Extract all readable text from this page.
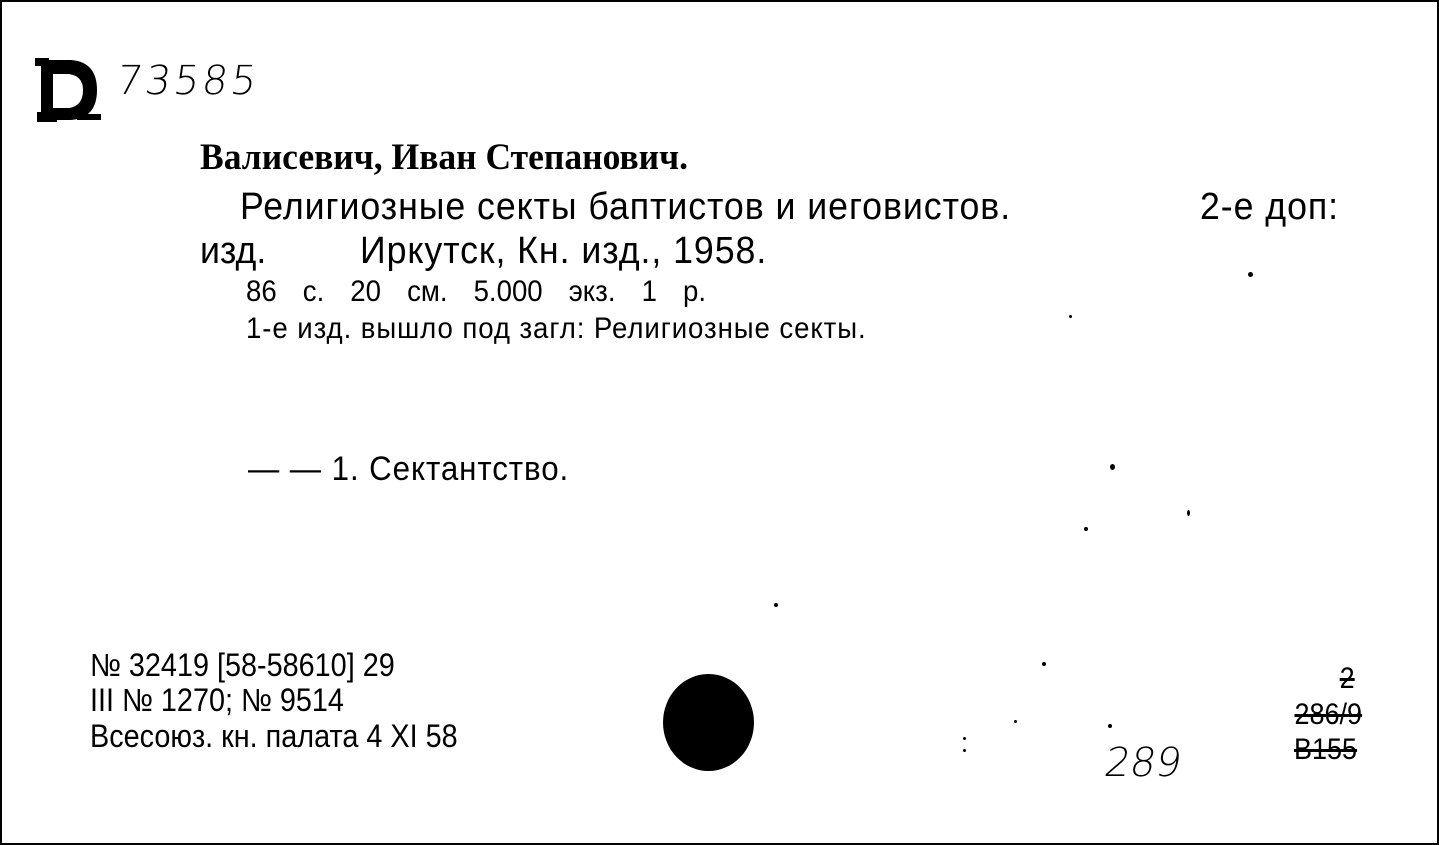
73585
Валисевич, Иван Степанович.
Религиозные секты баптистов и иеговистов.	2-е доп:
изд. Иркутск, Кн. изд., 1958.
86 с. 20 см. 5.000 экз. 1 р.
1-е изд. вышло под загл: Религиозные секты.
— — 1. Сектантство.
№ 32419 [58-58610] 29
III № 1270; № 9514
Всесоюз. кн. палата 4 XI 58
289
2
286/9
В155
